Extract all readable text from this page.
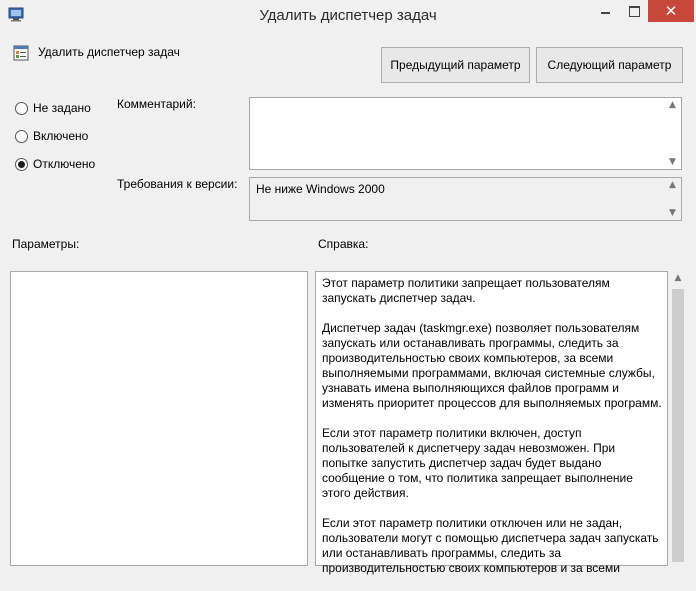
Удалить диспетчер задач	✕
Удалить диспетчер задач
Предыдущий параметр	Следующий параметр
Не задано
Включено
Отключено
Комментарий:	▲
▼
Требования к версии: Не ниже Windows 2000	▲
▼
Параметры:	Справка:

Этот параметр политики запрещает пользователям запускать диспетчер задач.

Диспетчер задач (taskmgr.exe) позволяет пользователям запускать или останавливать программы, следить за производительностью своих компьютеров, за всеми выполняемыми программами, включая системные службы, узнавать имена выполняющихся файлов программ и изменять приоритет процессов для выполняемых программ.

Если этот параметр политики включен, доступ пользователей к диспетчеру задач невозможен. При попытке запустить диспетчер задач будет выдано сообщение о том, что политика запрещает выполнение этого действия.

Если этот параметр политики отключен или не задан, пользователи могут с помощью диспетчера задач запускать или останавливать программы, следить за производительностью своих компьютеров и за всеми

▲
